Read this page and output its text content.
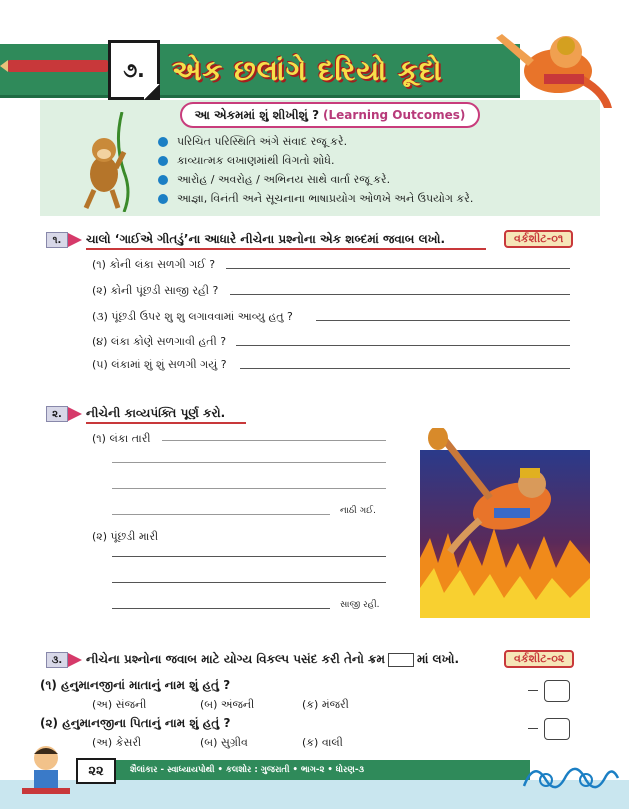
૭. એક છલાંગે દરિયો કૂદો
આ એકમમાં શું શીખીશું ? (Learning Outcomes)
પરિચિત પરિસ્થિતિ અંગે સંવાદ રજૂ કરે.
કાવ્યાત્મક લખાણમાંથી વિગતો શોધે.
આરોહ / અવરોહ / અભિનય સાથે વાર્તા રજૂ કરે.
આજ્ઞા, વિનંતી અને સૂચનાના ભાષાપ્રયોગ ઓળખે અને ઉપયોગ કરે.
૧.	ચાલો ‘ગાઈએ ગીતડું’ના આધારે નીચેના પ્રશ્નોના એક શબ્દમાં જવાબ લખો.	વર્કશીટ-૦૧
(૧) કોની લંકા સળગી ગઈ ?
(૨) કોની પૂંછડી સાજી રહી ?
(૩) પૂંછડી ઉપર શુ શુ લગાવવામાં આવ્યુ હતુ ?
(૪) લંકા કોણે સળગાવી હતી ?
(૫) લંકામાં શું શું સળગી ગયું ?
૨.	નીચેની કાવ્યપંક્તિ પૂર્ણ કરો.
(૧) લંકા તારી
નાઠી ગઈ.
(૨) પૂંછડી મારી
સાજી રહી.
૩.	નીચેના પ્રશ્નોના જવાબ માટે યોગ્ય વિકલ્પ પસંદ કરી તેનો ક્રમ	માં લખો.	વર્કશીટ-૦૨
(૧) હનુમાનજીનાં માતાનું નામ શું હતું ?
(અ) સંજની	(બ) અંજની	(ક) મંજરી
(૨) હનુમાનજીના પિતાનું નામ શું હતું ?
(અ) કેસરી	(બ) સુગ્રીવ	(ક) વાલી
શૈલાંકાર - સ્વાધ્યાયપોથી • કલશોર : ગુજરાતી • ભાગ-૨ • ધોરણ-૩
૨૨
